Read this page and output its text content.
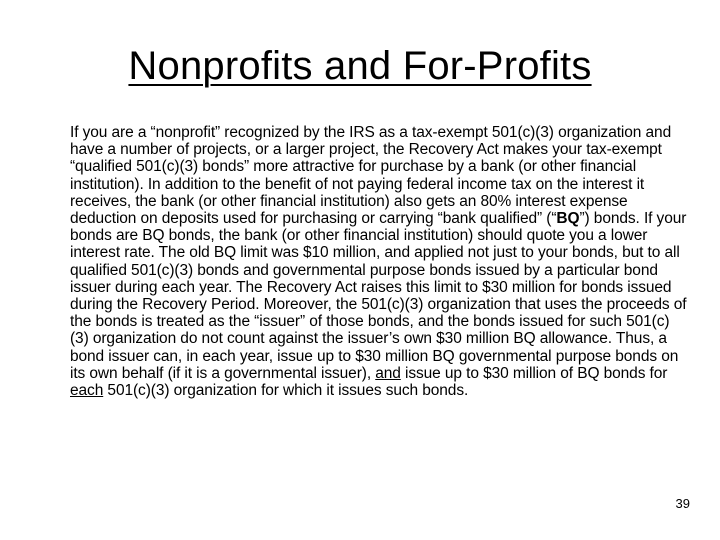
Nonprofits and For-Profits
If you are a “nonprofit” recognized by the IRS as a tax-exempt 501(c)(3) organization and have a number of projects, or a larger project, the Recovery Act makes your tax-exempt “qualified 501(c)(3) bonds” more attractive for purchase by a bank (or other financial institution). In addition to the benefit of not paying federal income tax on the interest it receives, the bank (or other financial institution) also gets an 80% interest expense deduction on deposits used for purchasing or carrying “bank qualified” (“BQ”) bonds. If your bonds are BQ bonds, the bank (or other financial institution) should quote you a lower interest rate. The old BQ limit was $10 million, and applied not just to your bonds, but to all qualified 501(c)(3) bonds and governmental purpose bonds issued by a particular bond issuer during each year. The Recovery Act raises this limit to $30 million for bonds issued during the Recovery Period. Moreover, the 501(c)(3) organization that uses the proceeds of the bonds is treated as the “issuer” of those bonds, and the bonds issued for such 501(c)(3) organization do not count against the issuer’s own $30 million BQ allowance. Thus, a bond issuer can, in each year, issue up to $30 million BQ governmental purpose bonds on its own behalf (if it is a governmental issuer), and issue up to $30 million of BQ bonds for each 501(c)(3) organization for which it issues such bonds.
39
